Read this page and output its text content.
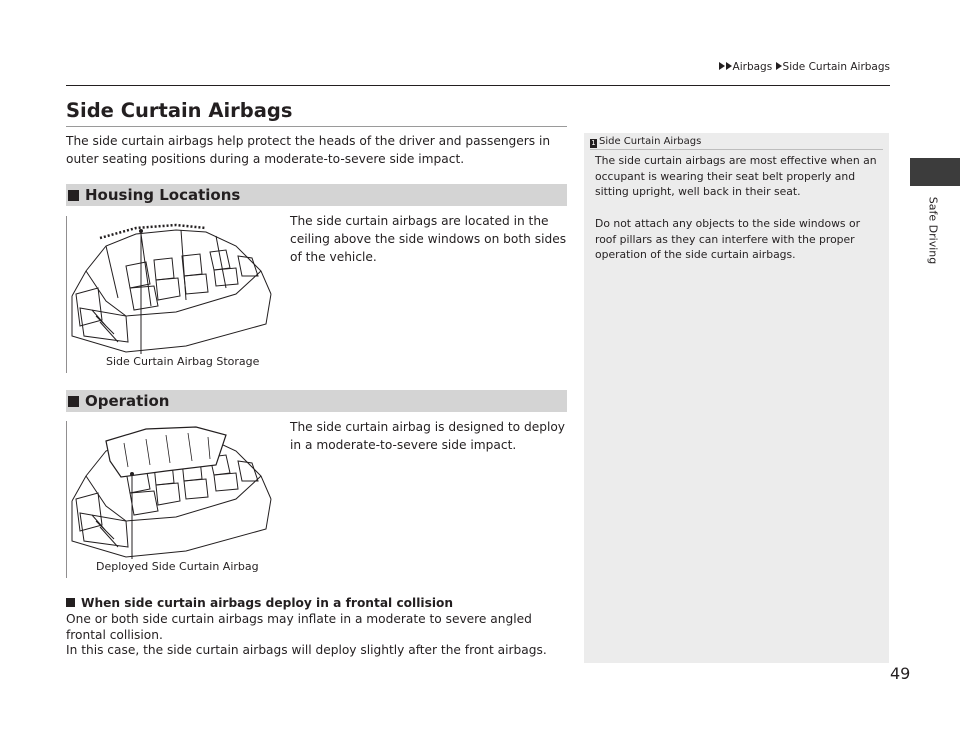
Airbags Side Curtain Airbags
Side Curtain Airbags
The side curtain airbags help protect the heads of the driver and passengers in outer seating positions during a moderate-to-severe side impact.
Housing Locations
The side curtain airbags are located in the ceiling above the side windows on both sides of the vehicle.
Side Curtain Airbag Storage
Operation
The side curtain airbag is designed to deploy in a moderate-to-severe side impact.
Deployed Side Curtain Airbag
When side curtain airbags deploy in a frontal collision
One or both side curtain airbags may inflate in a moderate to severe angled frontal collision.
In this case, the side curtain airbags will deploy slightly after the front airbags.
1 Side Curtain Airbags
The side curtain airbags are most effective when an occupant is wearing their seat belt properly and sitting upright, well back in their seat.
Do not attach any objects to the side windows or roof pillars as they can interfere with the proper operation of the side curtain airbags.	Safe Driving
49
